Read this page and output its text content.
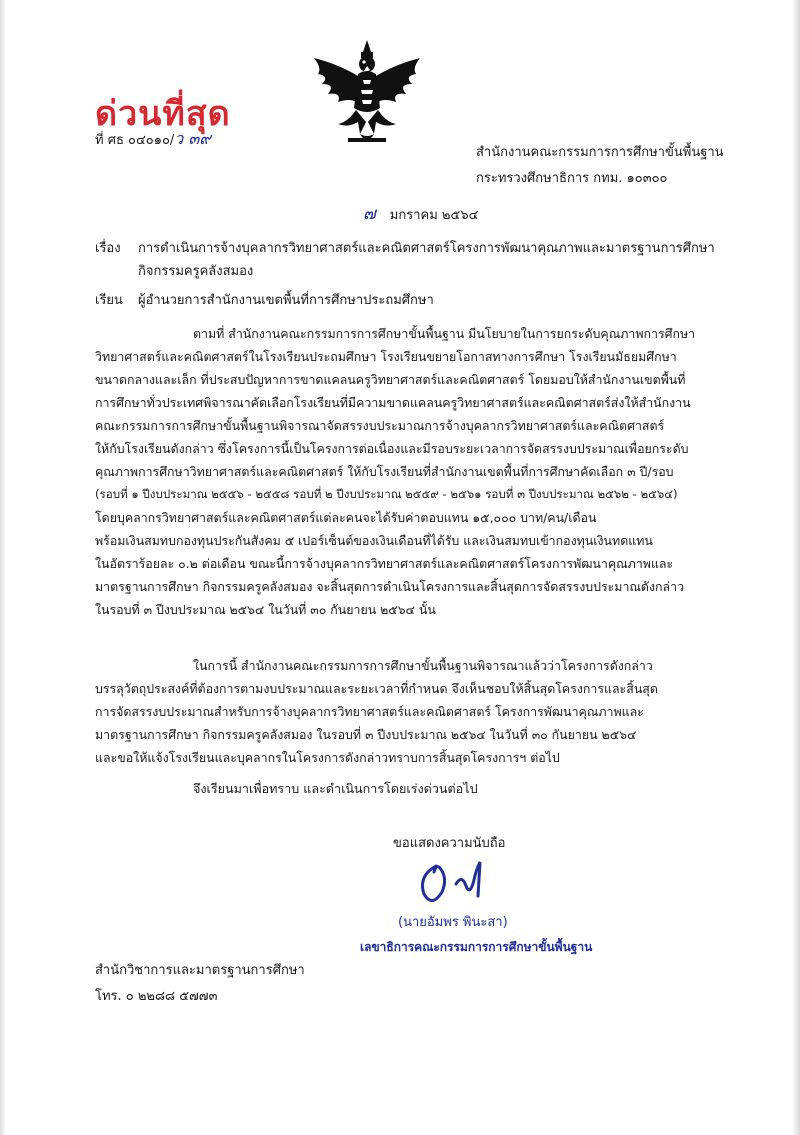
ด่วนที่สุด
ที่ ศธ ๐๔๐๑๐/ว ๓๙
สำนักงานคณะกรรมการการศึกษาขั้นพื้นฐาน
กระทรวงศึกษาธิการ กทม. ๑๐๓๐๐
๗ มกราคม ๒๕๖๔
เรื่อง การดำเนินการจ้างบุคลากรวิทยาศาสตร์และคณิตศาสตร์โครงการพัฒนาคุณภาพและมาตรฐานการศึกษา
กิจกรรมครูคลังสมอง
เรียน ผู้อำนวยการสำนักงานเขตพื้นที่การศึกษาประถมศึกษา
ตามที่ สำนักงานคณะกรรมการการศึกษาขั้นพื้นฐาน มีนโยบายในการยกระดับคุณภาพการศึกษา
วิทยาศาสตร์และคณิตศาสตร์ในโรงเรียนประถมศึกษา โรงเรียนขยายโอกาสทางการศึกษา โรงเรียนมัธยมศึกษา
ขนาดกลางและเล็ก ที่ประสบปัญหาการขาดแคลนครูวิทยาศาสตร์และคณิตศาสตร์ โดยมอบให้สำนักงานเขตพื้นที่
การศึกษาทั่วประเทศพิจารณาคัดเลือกโรงเรียนที่มีความขาดแคลนครูวิทยาศาสตร์และคณิตศาสตร์ส่งให้สำนักงาน
คณะกรรมการการศึกษาขั้นพื้นฐานพิจารณาจัดสรรงบประมาณการจ้างบุคลากรวิทยาศาสตร์และคณิตศาสตร์
ให้กับโรงเรียนดังกล่าว ซึ่งโครงการนี้เป็นโครงการต่อเนื่องและมีรอบระยะเวลาการจัดสรรงบประมาณเพื่อยกระดับ
คุณภาพการศึกษาวิทยาศาสตร์และคณิตศาสตร์ ให้กับโรงเรียนที่สำนักงานเขตพื้นที่การศึกษาคัดเลือก ๓ ปี/รอบ
(รอบที่ ๑ ปีงบประมาณ ๒๕๕๖ - ๒๕๕๘ รอบที่ ๒ ปีงบประมาณ ๒๕๕๙ - ๒๕๖๑ รอบที่ ๓ ปีงบประมาณ ๒๕๖๒ - ๒๕๖๔)
โดยบุคลากรวิทยาศาสตร์และคณิตศาสตร์แต่ละคนจะได้รับค่าตอบแทน ๑๕,๐๐๐ บาท/คน/เดือน
พร้อมเงินสมทบกองทุนประกันสังคม ๕ เปอร์เซ็นต์ของเงินเดือนที่ได้รับ และเงินสมทบเข้ากองทุนเงินทดแทน
ในอัตราร้อยละ ๐.๒ ต่อเดือน ขณะนี้การจ้างบุคลากรวิทยาศาสตร์และคณิตศาสตร์โครงการพัฒนาคุณภาพและ
มาตรฐานการศึกษา กิจกรรมครูคลังสมอง จะสิ้นสุดการดำเนินโครงการและสิ้นสุดการจัดสรรงบประมาณดังกล่าว
ในรอบที่ ๓ ปีงบประมาณ ๒๕๖๔ ในวันที่ ๓๐ กันยายน ๒๕๖๔ นั้น
ในการนี้ สำนักงานคณะกรรมการการศึกษาขั้นพื้นฐานพิจารณาแล้วว่าโครงการดังกล่าว
บรรลุวัตถุประสงค์ที่ต้องการตามงบประมาณและระยะเวลาที่กำหนด จึงเห็นชอบให้สิ้นสุดโครงการและสิ้นสุด
การจัดสรรงบประมาณสำหรับการจ้างบุคลากรวิทยาศาสตร์และคณิตศาสตร์ โครงการพัฒนาคุณภาพและ
มาตรฐานการศึกษา กิจกรรมครูคลังสมอง ในรอบที่ ๓ ปีงบประมาณ ๒๕๖๔ ในวันที่ ๓๐ กันยายน ๒๕๖๔
และขอให้แจ้งโรงเรียนและบุคลากรในโครงการดังกล่าวทราบการสิ้นสุดโครงการฯ ต่อไป
จึงเรียนมาเพื่อทราบ และดำเนินการโดยเร่งด่วนต่อไป
ขอแสดงความนับถือ
(นายอัมพร พินะสา)
เลขาธิการคณะกรรมการการศึกษาขั้นพื้นฐาน
สำนักวิชาการและมาตรฐานการศึกษา
โทร. ๐ ๒๒๘๘ ๕๗๗๓
